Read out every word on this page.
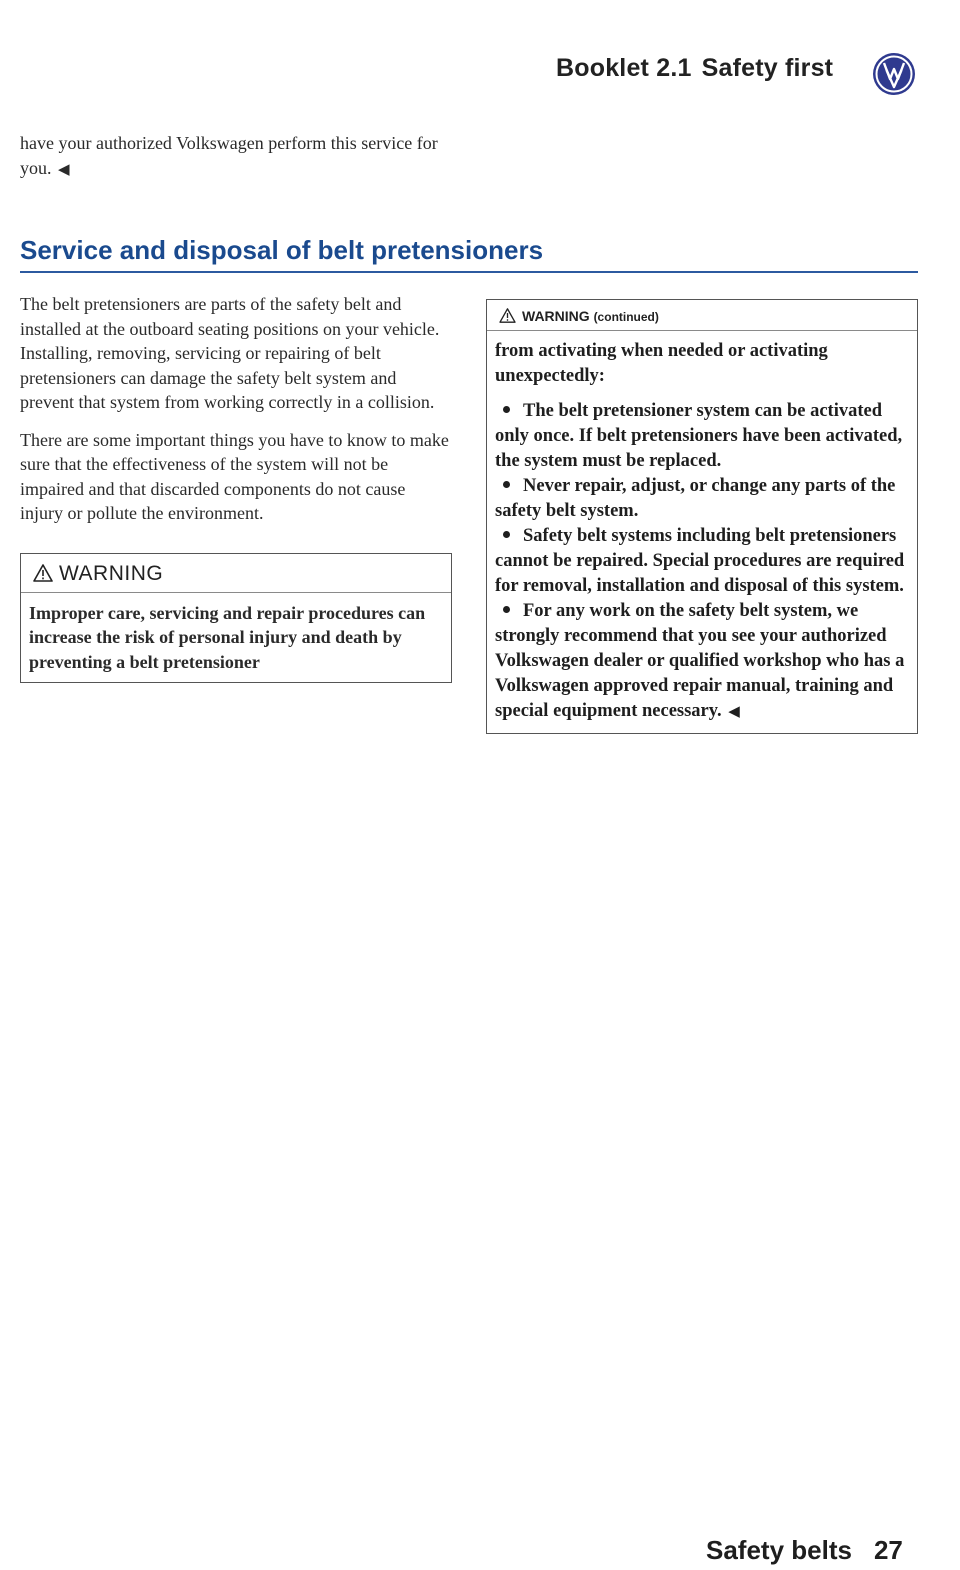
Booklet 2.1 Safety first
have your authorized Volkswagen perform this service for you. ◀
Service and disposal of belt pretensioners

The belt pretensioners are parts of the safety belt and installed at the outboard seating positions on your vehicle. Installing, removing, servicing or repairing of belt pretensioners can damage the safety belt system and prevent that system from working correctly in a collision.

There are some important things you have to know to make sure that the effectiveness of the system will not be impaired and that discarded components do not cause injury or pollute the environment.

WARNING

Improper care, servicing and repair procedures can increase the risk of personal injury and death by preventing a belt pretensioner

WARNING (continued)

from activating when needed or activating unexpectedly:

The belt pretensioner system can be activated only once. If belt pretensioners have been activated, the system must be replaced.

Never repair, adjust, or change any parts of the safety belt system.

Safety belt systems including belt pretensioners cannot be repaired. Special procedures are required for removal, installation and disposal of this system.

For any work on the safety belt system, we strongly recommend that you see your authorized Volkswagen dealer or qualified workshop who has a Volkswagen approved repair manual, training and special equipment necessary. ◀

Safety belts 27
